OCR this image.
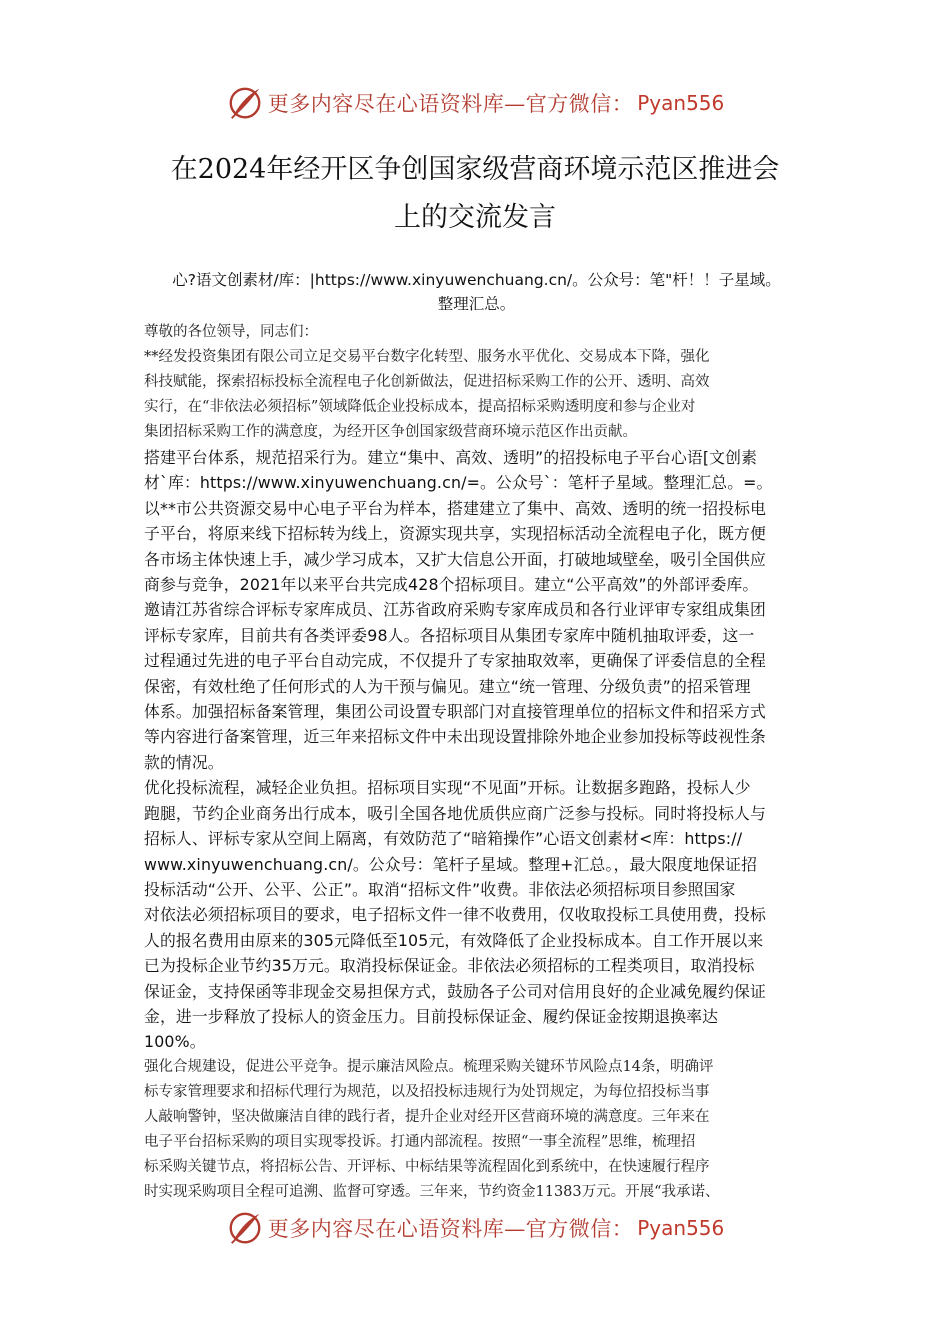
更多内容尽在心语资料库—官方微信： Pyan556
在2024年经开区争创国家级营商环境示范区推进会
上的交流发言
心?语文创素材/库：|https://www.xinyuwenchuang.cn/。公众号：笔"杆！！子星域。
整理汇总。
尊敬的各位领导，同志们：
**经发投资集团有限公司立足交易平台数字化转型、服务水平优化、交易成本下降，强化
科技赋能，探索招标投标全流程电子化创新做法，促进招标采购工作的公开、透明、高效
实行，在“非依法必须招标”领域降低企业投标成本，提高招标采购透明度和参与企业对
集团招标采购工作的满意度，为经开区争创国家级营商环境示范区作出贡献。
搭建平台体系，规范招采行为。建立“集中、高效、透明”的招投标电子平台心语[文创素
材`库：https://www.xinyuwenchuang.cn/=。公众号`：笔杆子星域。整理汇总。=。
以**市公共资源交易中心电子平台为样本，搭建建立了集中、高效、透明的统一招投标电
子平台，将原来线下招标转为线上，资源实现共享，实现招标活动全流程电子化，既方便
各市场主体快速上手，减少学习成本，又扩大信息公开面，打破地域壁垒，吸引全国供应
商参与竞争，2021年以来平台共完成428个招标项目。建立“公平高效”的外部评委库。
邀请江苏省综合评标专家库成员、江苏省政府采购专家库成员和各行业评审专家组成集团
评标专家库，目前共有各类评委98人。各招标项目从集团专家库中随机抽取评委，这一
过程通过先进的电子平台自动完成，不仅提升了专家抽取效率，更确保了评委信息的全程
保密，有效杜绝了任何形式的人为干预与偏见。建立“统一管理、分级负责”的招采管理
体系。加强招标备案管理，集团公司设置专职部门对直接管理单位的招标文件和招采方式
等内容进行备案管理，近三年来招标文件中未出现设置排除外地企业参加投标等歧视性条
款的情况。
优化投标流程，减轻企业负担。招标项目实现“不见面”开标。让数据多跑路，投标人少
跑腿，节约企业商务出行成本，吸引全国各地优质供应商广泛参与投标。同时将投标人与
招标人、评标专家从空间上隔离，有效防范了“暗箱操作”心语文创素材<库：https://
www.xinyuwenchuang.cn/。公众号：笔杆子星域。整理+汇总。，最大限度地保证招
投标活动“公开、公平、公正”。取消“招标文件”收费。非依法必须招标项目参照国家
对依法必须招标项目的要求，电子招标文件一律不收费用，仅收取投标工具使用费，投标
人的报名费用由原来的305元降低至105元，有效降低了企业投标成本。自工作开展以来
已为投标企业节约35万元。取消投标保证金。非依法必须招标的工程类项目，取消投标
保证金，支持保函等非现金交易担保方式，鼓励各子公司对信用良好的企业减免履约保证
金，进一步释放了投标人的资金压力。目前投标保证金、履约保证金按期退换率达
100%。
强化合规建设，促进公平竞争。提示廉洁风险点。梳理采购关键环节风险点14条，明确评
标专家管理要求和招标代理行为规范，以及招投标违规行为处罚规定，为每位招投标当事
人敲响警钟，坚决做廉洁自律的践行者，提升企业对经开区营商环境的满意度。三年来在
电子平台招标采购的项目实现零投诉。打通内部流程。按照“一事全流程”思维，梳理招
标采购关键节点，将招标公告、开评标、中标结果等流程固化到系统中，在快速履行程序
时实现采购项目全程可追溯、监督可穿透。三年来，节约资金11383万元。开展“我承诺、
更多内容尽在心语资料库—官方微信： Pyan556
